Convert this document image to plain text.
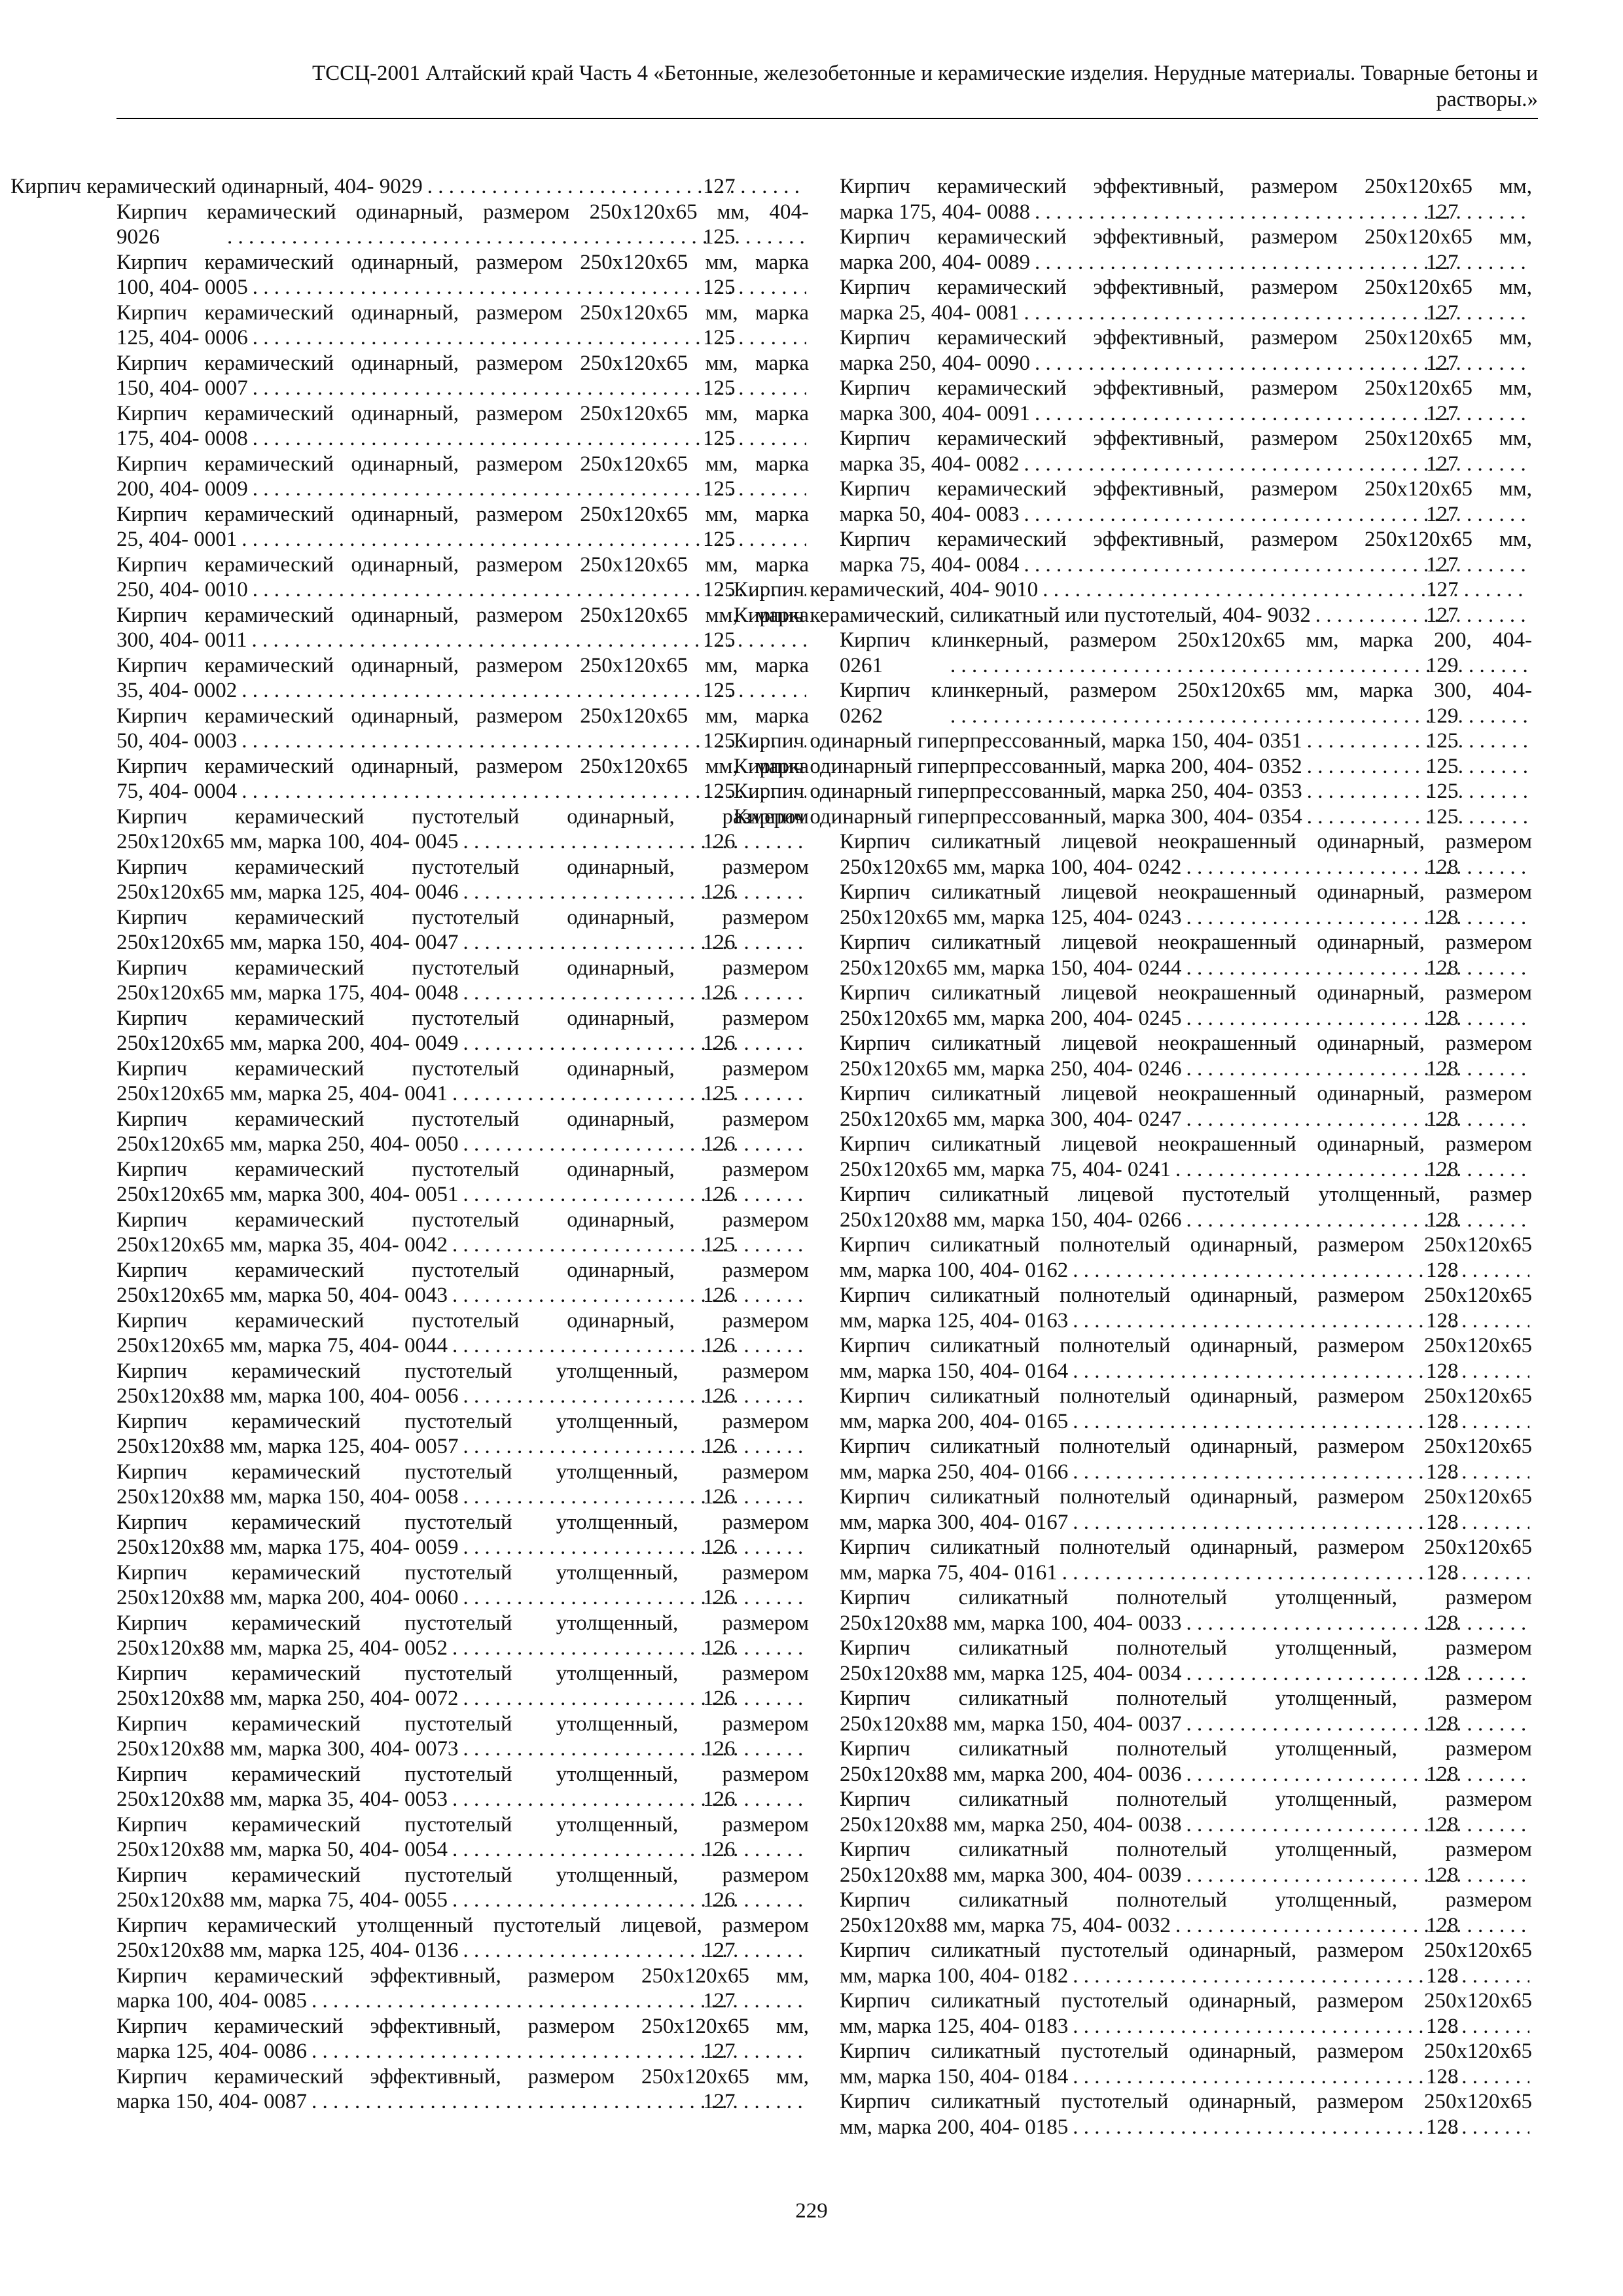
ТССЦ-2001 Алтайский край Часть 4 «Бетонные, железобетонные и керамические изделия. Нерудные материалы. Товарные бетоны и
растворы.»
Кирпич керамический одинарный, 404- 9029 . . .	127
Кирпич керамический одинарный, размером 250х120х65 мм, 404-
9026 . . .	125
Кирпич керамический одинарный, размером 250х120х65 мм, марка
100, 404- 0005 . . .	125
Кирпич керамический одинарный, размером 250х120х65 мм, марка
125, 404- 0006 . . .	125
Кирпич керамический одинарный, размером 250х120х65 мм, марка
150, 404- 0007 . . .	125
Кирпич керамический одинарный, размером 250х120х65 мм, марка
175, 404- 0008 . . .	125
Кирпич керамический одинарный, размером 250х120х65 мм, марка
200, 404- 0009 . . .	125
Кирпич керамический одинарный, размером 250х120х65 мм, марка
25, 404- 0001 . . .	125
Кирпич керамический одинарный, размером 250х120х65 мм, марка
250, 404- 0010 . . .	125
Кирпич керамический одинарный, размером 250х120х65 мм, марка
300, 404- 0011 . . .	125
Кирпич керамический одинарный, размером 250х120х65 мм, марка
35, 404- 0002 . . .	125
Кирпич керамический одинарный, размером 250х120х65 мм, марка
50, 404- 0003 . . .	125
Кирпич керамический одинарный, размером 250х120х65 мм, марка
75, 404- 0004 . . .	125
Кирпич керамический пустотелый одинарный, размером
250х120х65 мм, марка 100, 404- 0045 . . .	126
Кирпич керамический пустотелый одинарный, размером
250х120х65 мм, марка 125, 404- 0046 . . .	126
Кирпич керамический пустотелый одинарный, размером
250х120х65 мм, марка 150, 404- 0047 . . .	126
Кирпич керамический пустотелый одинарный, размером
250х120х65 мм, марка 175, 404- 0048 . . .	126
Кирпич керамический пустотелый одинарный, размером
250х120х65 мм, марка 200, 404- 0049 . . .	126
Кирпич керамический пустотелый одинарный, размером
250х120х65 мм, марка 25, 404- 0041 . . .	125
Кирпич керамический пустотелый одинарный, размером
250х120х65 мм, марка 250, 404- 0050 . . .	126
Кирпич керамический пустотелый одинарный, размером
250х120х65 мм, марка 300, 404- 0051 . . .	126
Кирпич керамический пустотелый одинарный, размером
250х120х65 мм, марка 35, 404- 0042 . . .	125
Кирпич керамический пустотелый одинарный, размером
250х120х65 мм, марка 50, 404- 0043 . . .	126
Кирпич керамический пустотелый одинарный, размером
250х120х65 мм, марка 75, 404- 0044 . . .	126
Кирпич керамический пустотелый утолщенный, размером
250х120х88 мм, марка 100, 404- 0056 . . .	126
Кирпич керамический пустотелый утолщенный, размером
250х120х88 мм, марка 125, 404- 0057 . . .	126
Кирпич керамический пустотелый утолщенный, размером
250х120х88 мм, марка 150, 404- 0058 . . .	126
Кирпич керамический пустотелый утолщенный, размером
250х120х88 мм, марка 175, 404- 0059 . . .	126
Кирпич керамический пустотелый утолщенный, размером
250х120х88 мм, марка 200, 404- 0060 . . .	126
Кирпич керамический пустотелый утолщенный, размером
250х120х88 мм, марка 25, 404- 0052 . . .	126
Кирпич керамический пустотелый утолщенный, размером
250х120х88 мм, марка 250, 404- 0072 . . .	126
Кирпич керамический пустотелый утолщенный, размером
250х120х88 мм, марка 300, 404- 0073 . . .	126
Кирпич керамический пустотелый утолщенный, размером
250х120х88 мм, марка 35, 404- 0053 . . .	126
Кирпич керамический пустотелый утолщенный, размером
250х120х88 мм, марка 50, 404- 0054 . . .	126
Кирпич керамический пустотелый утолщенный, размером
250х120х88 мм, марка 75, 404- 0055 . . .	126
Кирпич керамический утолщенный пустотелый лицевой, размером
250х120х88 мм, марка 125, 404- 0136 . . .	127
Кирпич керамический эффективный, размером 250х120х65 мм,
марка 100, 404- 0085 . . .	127
Кирпич керамический эффективный, размером 250х120х65 мм,
марка 125, 404- 0086 . . .	127
Кирпич керамический эффективный, размером 250х120х65 мм,
марка 150, 404- 0087 . . .	127
Кирпич керамический эффективный, размером 250х120х65 мм,
марка 175, 404- 0088 . . .	127
Кирпич керамический эффективный, размером 250х120х65 мм,
марка 200, 404- 0089 . . .	127
Кирпич керамический эффективный, размером 250х120х65 мм,
марка 25, 404- 0081 . . .	127
Кирпич керамический эффективный, размером 250х120х65 мм,
марка 250, 404- 0090 . . .	127
Кирпич керамический эффективный, размером 250х120х65 мм,
марка 300, 404- 0091 . . .	127
Кирпич керамический эффективный, размером 250х120х65 мм,
марка 35, 404- 0082 . . .	127
Кирпич керамический эффективный, размером 250х120х65 мм,
марка 50, 404- 0083 . . .	127
Кирпич керамический эффективный, размером 250х120х65 мм,
марка 75, 404- 0084 . . .	127
Кирпич керамический, 404- 9010 . . .	127
Кирпич керамический, силикатный или пустотелый, 404- 9032 . . .	127
Кирпич клинкерный, размером 250х120х65 мм, марка 200, 404-
0261 . . .	129
Кирпич клинкерный, размером 250х120х65 мм, марка 300, 404-
0262 . . .	129
Кирпич одинарный гиперпрессованный, марка 150, 404- 0351 . . .	125
Кирпич одинарный гиперпрессованный, марка 200, 404- 0352 . . .	125
Кирпич одинарный гиперпрессованный, марка 250, 404- 0353 . . .	125
Кирпич одинарный гиперпрессованный, марка 300, 404- 0354 . . .	125
Кирпич силикатный лицевой неокрашенный одинарный, размером
250х120х65 мм, марка 100, 404- 0242 . . .	128
Кирпич силикатный лицевой неокрашенный одинарный, размером
250х120х65 мм, марка 125, 404- 0243 . . .	128
Кирпич силикатный лицевой неокрашенный одинарный, размером
250х120х65 мм, марка 150, 404- 0244 . . .	128
Кирпич силикатный лицевой неокрашенный одинарный, размером
250х120х65 мм, марка 200, 404- 0245 . . .	128
Кирпич силикатный лицевой неокрашенный одинарный, размером
250х120х65 мм, марка 250, 404- 0246 . . .	128
Кирпич силикатный лицевой неокрашенный одинарный, размером
250х120х65 мм, марка 300, 404- 0247 . . .	128
Кирпич силикатный лицевой неокрашенный одинарный, размером
250х120х65 мм, марка 75, 404- 0241 . . .	128
Кирпич силикатный лицевой пустотелый утолщенный, размер
250х120х88 мм, марка 150, 404- 0266 . . .	128
Кирпич силикатный полнотелый одинарный, размером 250х120х65
мм, марка 100, 404- 0162 . . .	128
Кирпич силикатный полнотелый одинарный, размером 250х120х65
мм, марка 125, 404- 0163 . . .	128
Кирпич силикатный полнотелый одинарный, размером 250х120х65
мм, марка 150, 404- 0164 . . .	128
Кирпич силикатный полнотелый одинарный, размером 250х120х65
мм, марка 200, 404- 0165 . . .	128
Кирпич силикатный полнотелый одинарный, размером 250х120х65
мм, марка 250, 404- 0166 . . .	128
Кирпич силикатный полнотелый одинарный, размером 250х120х65
мм, марка 300, 404- 0167 . . .	128
Кирпич силикатный полнотелый одинарный, размером 250х120х65
мм, марка 75, 404- 0161 . . .	128
Кирпич силикатный полнотелый утолщенный, размером
250х120х88 мм, марка 100, 404- 0033 . . .	128
Кирпич силикатный полнотелый утолщенный, размером
250х120х88 мм, марка 125, 404- 0034 . . .	128
Кирпич силикатный полнотелый утолщенный, размером
250х120х88 мм, марка 150, 404- 0037 . . .	128
Кирпич силикатный полнотелый утолщенный, размером
250х120х88 мм, марка 200, 404- 0036 . . .	128
Кирпич силикатный полнотелый утолщенный, размером
250х120х88 мм, марка 250, 404- 0038 . . .	128
Кирпич силикатный полнотелый утолщенный, размером
250х120х88 мм, марка 300, 404- 0039 . . .	128
Кирпич силикатный полнотелый утолщенный, размером
250х120х88 мм, марка 75, 404- 0032 . . .	128
Кирпич силикатный пустотелый одинарный, размером 250х120х65
мм, марка 100, 404- 0182 . . .	128
Кирпич силикатный пустотелый одинарный, размером 250х120х65
мм, марка 125, 404- 0183 . . .	128
Кирпич силикатный пустотелый одинарный, размером 250х120х65
мм, марка 150, 404- 0184 . . .	128
Кирпич силикатный пустотелый одинарный, размером 250х120х65
мм, марка 200, 404- 0185 . . .	128
229
